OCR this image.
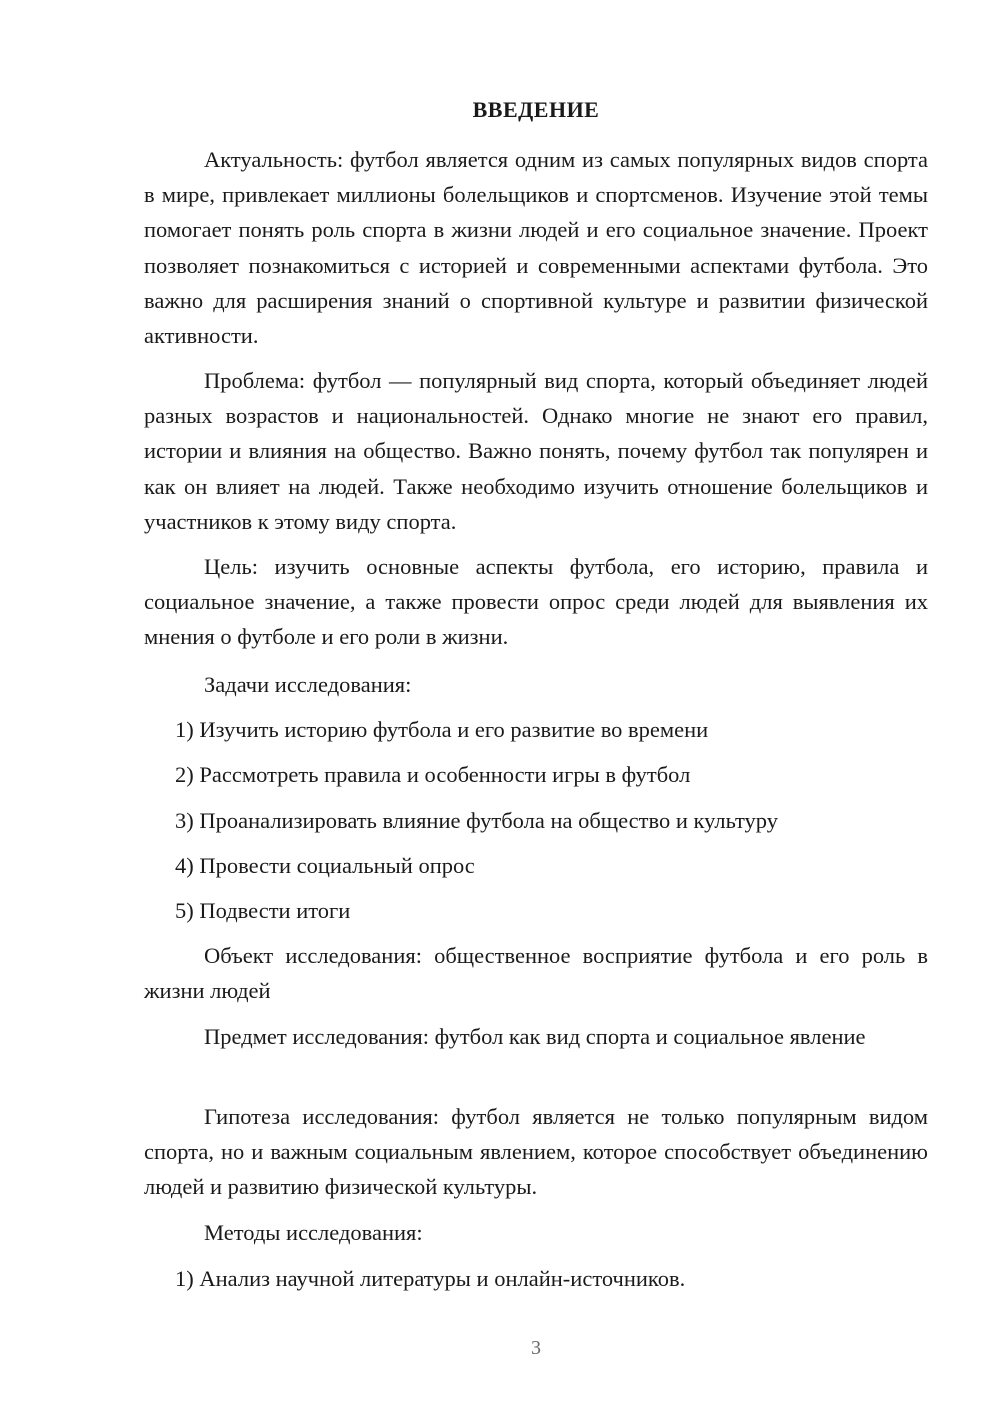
ВВЕДЕНИЕ

Актуальность: футбол является одним из самых популярных видов спорта в мире, привлекает миллионы болельщиков и спортсменов. Изучение этой темы помогает понять роль спорта в жизни людей и его социальное значение. Проект позволяет познакомиться с историей и современными аспектами футбола. Это важно для расширения знаний о спортивной культуре и развитии физической активности.

Проблема: футбол — популярный вид спорта, который объединяет людей разных возрастов и национальностей. Однако многие не знают его правил, истории и влияния на общество. Важно понять, почему футбол так популярен и как он влияет на людей. Также необходимо изучить отношение болельщиков и участников к этому виду спорта.

Цель: изучить основные аспекты футбола, его историю, правила и социальное значение, а также провести опрос среди людей для выявления их мнения о футболе и его роли в жизни.

Задачи исследования:
1) Изучить историю футбола и его развитие во времени
2) Рассмотреть правила и особенности игры в футбол
3) Проанализировать влияние футбола на общество и культуру
4) Провести социальный опрос
5) Подвести итоги

Объект исследования: общественное восприятие футбола и его роль в жизни людей

Предмет исследования: футбол как вид спорта и социальное явление

Гипотеза исследования: футбол является не только популярным видом спорта, но и важным социальным явлением, которое способствует объединению людей и развитию физической культуры.

Методы исследования:
1) Анализ научной литературы и онлайн-источников.
3
